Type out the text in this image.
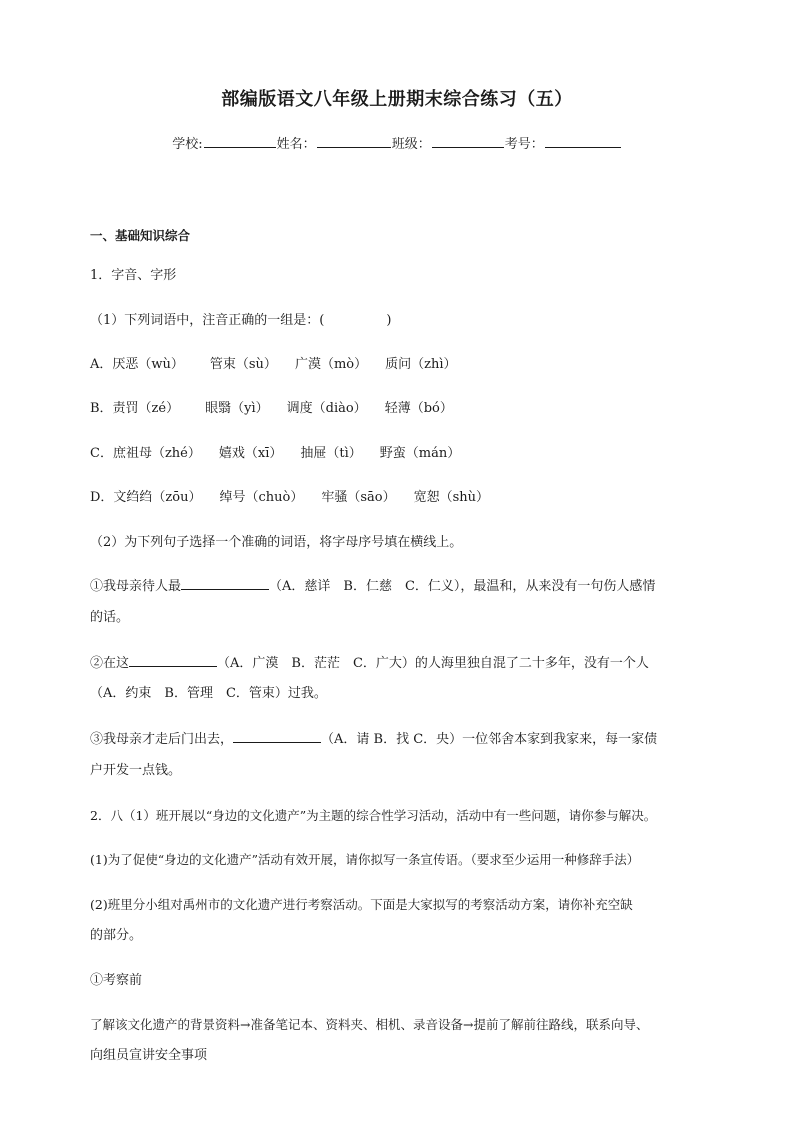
部编版语文八年级上册期末综合练习（五）
学校:	姓名：	班级：	考号：
一、基础知识综合
1．字音、字形
（1）下列词语中，注音正确的一组是：(	)
A．厌恶（wù） 管束（sù） 广漠（mò） 质问（zhì）
B．责罚（zé） 眼翳（yì） 调度（diào） 轻薄（bó）
C．庶祖母（zhé） 嬉戏（xī） 抽屉（tì） 野蛮（mán）
D．文绉绉（zōu） 绰号（chuò） 牢骚（sāo） 宽恕（shù）
（2）为下列句子选择一个准确的词语，将字母序号填在横线上。
①我母亲待人最	（A．慈详　B．仁慈　C．仁义），最温和，从来没有一句伤人感情
的话。
②在这	（A．广漠　B．茫茫　C．广大）的人海里独自混了二十多年，没有一个人
（A．约束　B．管理　C．管束）过我。
③我母亲才走后门出去，	（A．请 B．找 C．央）一位邻舍本家到我家来，每一家债
户开发一点钱。
2．八（1）班开展以“身边的文化遗产”为主题的综合性学习活动，活动中有一些问题，请你参与解决。
(1)为了促使“身边的文化遗产”活动有效开展，请你拟写一条宣传语。（要求至少运用一种修辞手法）
(2)班里分小组对禹州市的文化遗产进行考察活动。下面是大家拟写的考察活动方案，请你补充空缺
的部分。
①考察前
了解该文化遗产的背景资料→准备笔记本、资料夹、相机、录音设备→提前了解前往路线，联系向导、
向组员宣讲安全事项
